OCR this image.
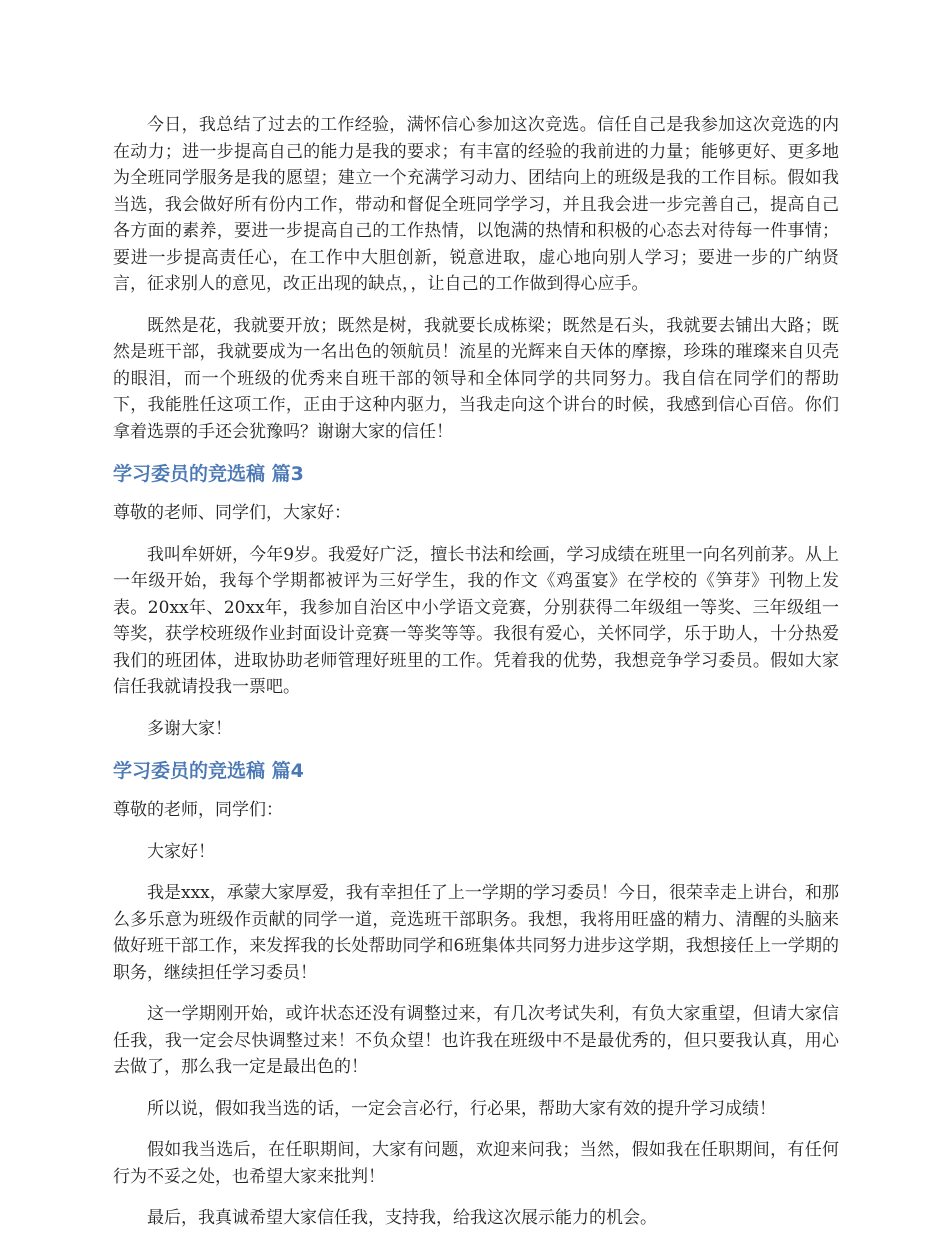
今日，我总结了过去的工作经验，满怀信心参加这次竞选。信任自己是我参加这次竞选的内在动力；进一步提高自己的能力是我的要求；有丰富的经验的我前进的力量；能够更好、更多地为全班同学服务是我的愿望；建立一个充满学习动力、团结向上的班级是我的工作目标。假如我当选，我会做好所有份内工作，带动和督促全班同学学习，并且我会进一步完善自己，提高自己各方面的素养，要进一步提高自己的工作热情，以饱满的热情和积极的心态去对待每一件事情；要进一步提高责任心，在工作中大胆创新，锐意进取，虚心地向别人学习；要进一步的广纳贤言，征求别人的意见，改正出现的缺点，，让自己的工作做到得心应手。

既然是花，我就要开放；既然是树，我就要长成栋梁；既然是石头，我就要去铺出大路；既然是班干部，我就要成为一名出色的领航员！流星的光辉来自天体的摩擦，珍珠的璀璨来自贝壳的眼泪，而一个班级的优秀来自班干部的领导和全体同学的共同努力。我自信在同学们的帮助下，我能胜任这项工作，正由于这种内驱力，当我走向这个讲台的时候，我感到信心百倍。你们拿着选票的手还会犹豫吗？谢谢大家的信任！

学习委员的竞选稿 篇3

尊敬的老师、同学们，大家好：

我叫牟妍妍，今年9岁。我爱好广泛，擅长书法和绘画，学习成绩在班里一向名列前茅。从上一年级开始，我每个学期都被评为三好学生，我的作文《鸡蛋宴》在学校的《笋芽》刊物上发表。20xx年、20xx年，我参加自治区中小学语文竞赛，分别获得二年级组一等奖、三年级组一等奖，获学校班级作业封面设计竞赛一等奖等等。我很有爱心，关怀同学，乐于助人，十分热爱我们的班团体，进取协助老师管理好班里的工作。凭着我的优势，我想竞争学习委员。假如大家信任我就请投我一票吧。

多谢大家！

学习委员的竞选稿 篇4

尊敬的老师，同学们：

大家好！

我是xxx，承蒙大家厚爱，我有幸担任了上一学期的学习委员！今日，很荣幸走上讲台，和那么多乐意为班级作贡献的同学一道，竞选班干部职务。我想，我将用旺盛的精力、清醒的头脑来做好班干部工作，来发挥我的长处帮助同学和6班集体共同努力进步这学期，我想接任上一学期的职务，继续担任学习委员！

这一学期刚开始，或许状态还没有调整过来，有几次考试失利，有负大家重望，但请大家信任我，我一定会尽快调整过来！不负众望！也许我在班级中不是最优秀的，但只要我认真，用心去做了，那么我一定是最出色的！

所以说，假如我当选的话，一定会言必行，行必果，帮助大家有效的提升学习成绩！

假如我当选后，在任职期间，大家有问题，欢迎来问我；当然，假如我在任职期间，有任何行为不妥之处，也希望大家来批判！

最后，我真诚希望大家信任我，支持我，给我这次展示能力的机会。
